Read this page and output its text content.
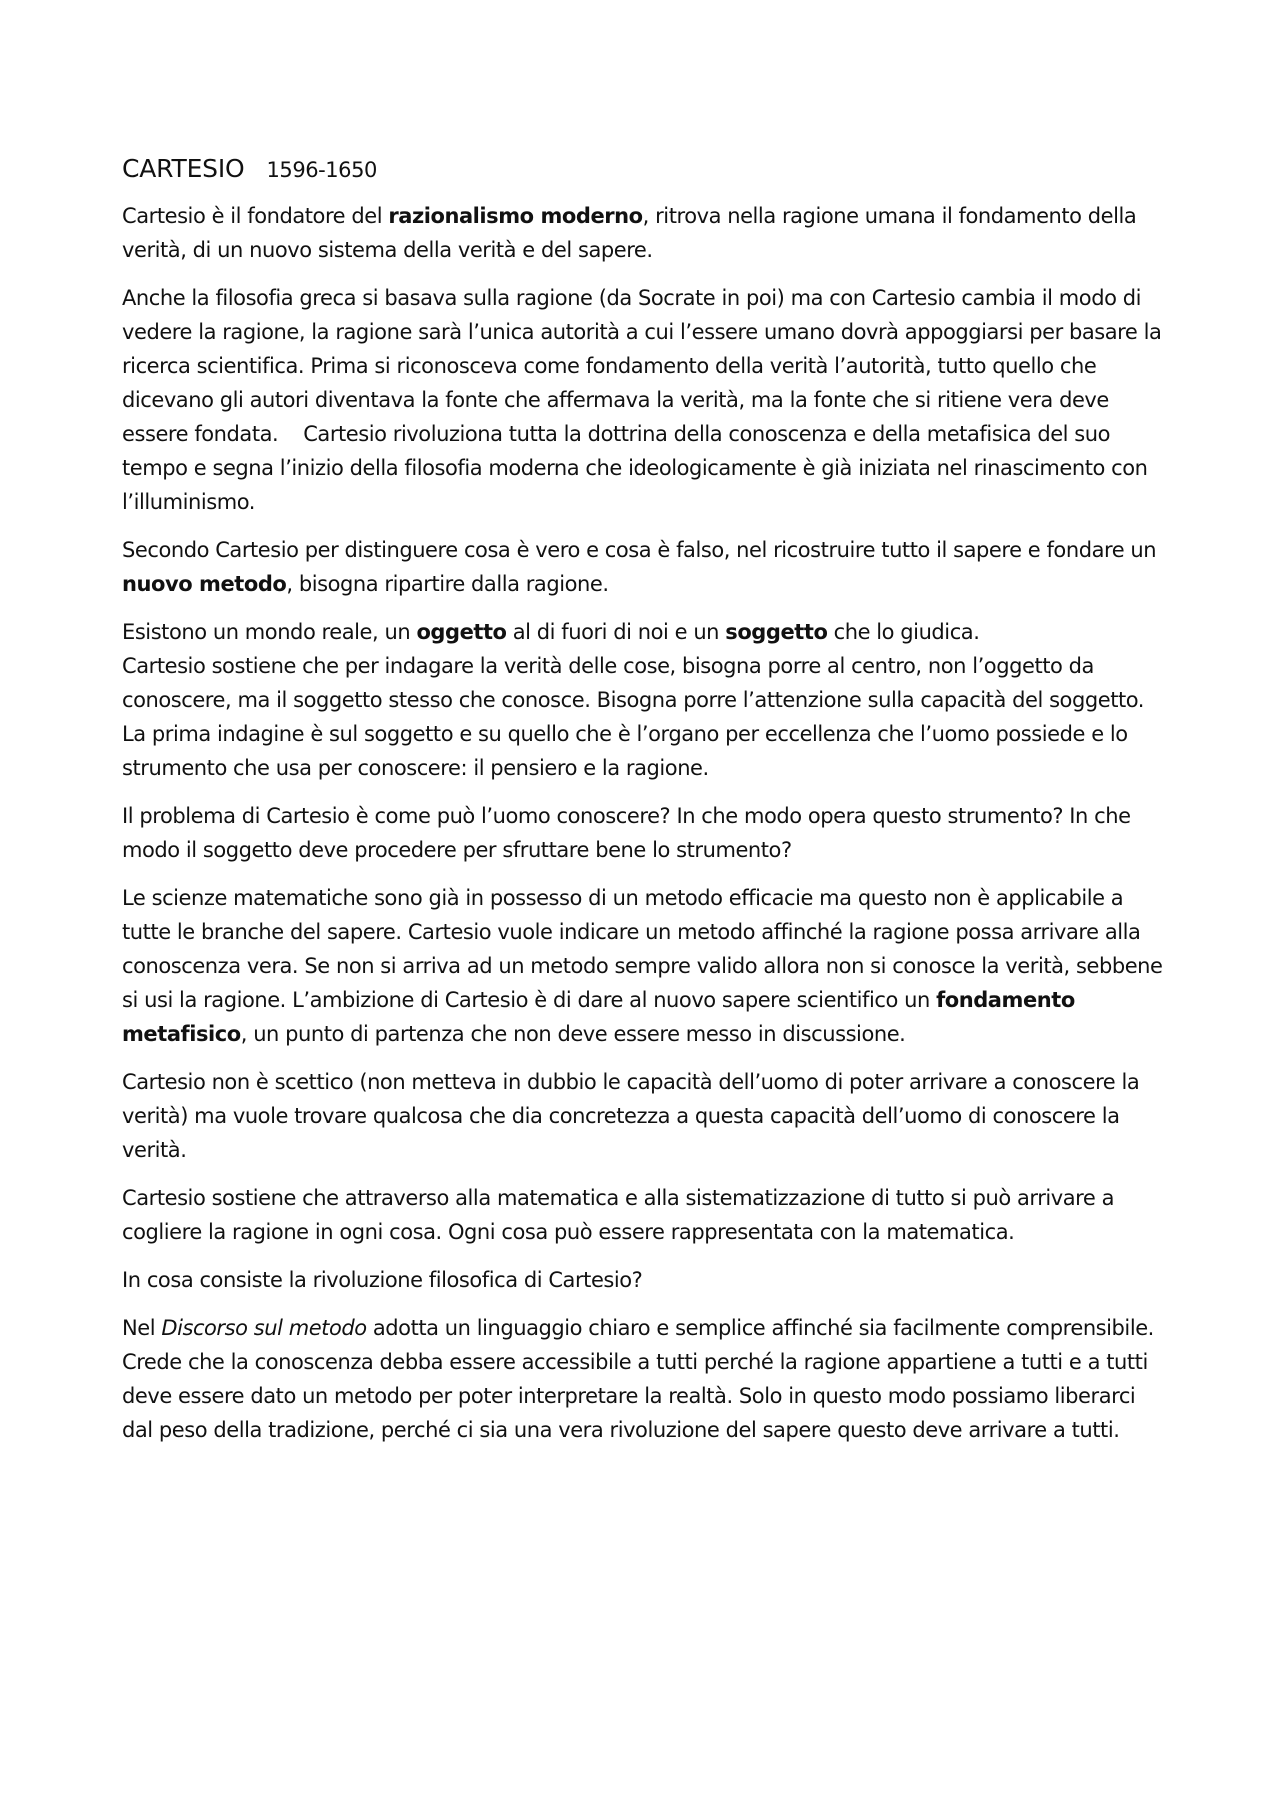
CARTESIO 1596-1650

Cartesio è il fondatore del razionalismo moderno, ritrova nella ragione umana il fondamento della verità, di un nuovo sistema della verità e del sapere.

Anche la filosofia greca si basava sulla ragione (da Socrate in poi) ma con Cartesio cambia il modo di vedere la ragione, la ragione sarà l’unica autorità a cui l’essere umano dovrà appoggiarsi per basare la ricerca scientifica. Prima si riconosceva come fondamento della verità l’autorità, tutto quello che dicevano gli autori diventava la fonte che affermava la verità, ma la fonte che si ritiene vera deve essere fondata. Cartesio rivoluziona tutta la dottrina della conoscenza e della metafisica del suo tempo e segna l’inizio della filosofia moderna che ideologicamente è già iniziata nel rinascimento con l’illuminismo.

Secondo Cartesio per distinguere cosa è vero e cosa è falso, nel ricostruire tutto il sapere e fondare un nuovo metodo, bisogna ripartire dalla ragione.

Esistono un mondo reale, un oggetto al di fuori di noi e un soggetto che lo giudica.
Cartesio sostiene che per indagare la verità delle cose, bisogna porre al centro, non l’oggetto da conoscere, ma il soggetto stesso che conosce. Bisogna porre l’attenzione sulla capacità del soggetto. La prima indagine è sul soggetto e su quello che è l’organo per eccellenza che l’uomo possiede e lo strumento che usa per conoscere: il pensiero e la ragione.

Il problema di Cartesio è come può l’uomo conoscere? In che modo opera questo strumento? In che modo il soggetto deve procedere per sfruttare bene lo strumento?

Le scienze matematiche sono già in possesso di un metodo efficacie ma questo non è applicabile a tutte le branche del sapere. Cartesio vuole indicare un metodo affinché la ragione possa arrivare alla conoscenza vera. Se non si arriva ad un metodo sempre valido allora non si conosce la verità, sebbene si usi la ragione. L’ambizione di Cartesio è di dare al nuovo sapere scientifico un fondamento metafisico, un punto di partenza che non deve essere messo in discussione.

Cartesio non è scettico (non metteva in dubbio le capacità dell’uomo di poter arrivare a conoscere la verità) ma vuole trovare qualcosa che dia concretezza a questa capacità dell’uomo di conoscere la verità.

Cartesio sostiene che attraverso alla matematica e alla sistematizzazione di tutto si può arrivare a cogliere la ragione in ogni cosa. Ogni cosa può essere rappresentata con la matematica.

In cosa consiste la rivoluzione filosofica di Cartesio?

Nel Discorso sul metodo adotta un linguaggio chiaro e semplice affinché sia facilmente comprensibile. Crede che la conoscenza debba essere accessibile a tutti perché la ragione appartiene a tutti e a tutti deve essere dato un metodo per poter interpretare la realtà. Solo in questo modo possiamo liberarci dal peso della tradizione, perché ci sia una vera rivoluzione del sapere questo deve arrivare a tutti.
